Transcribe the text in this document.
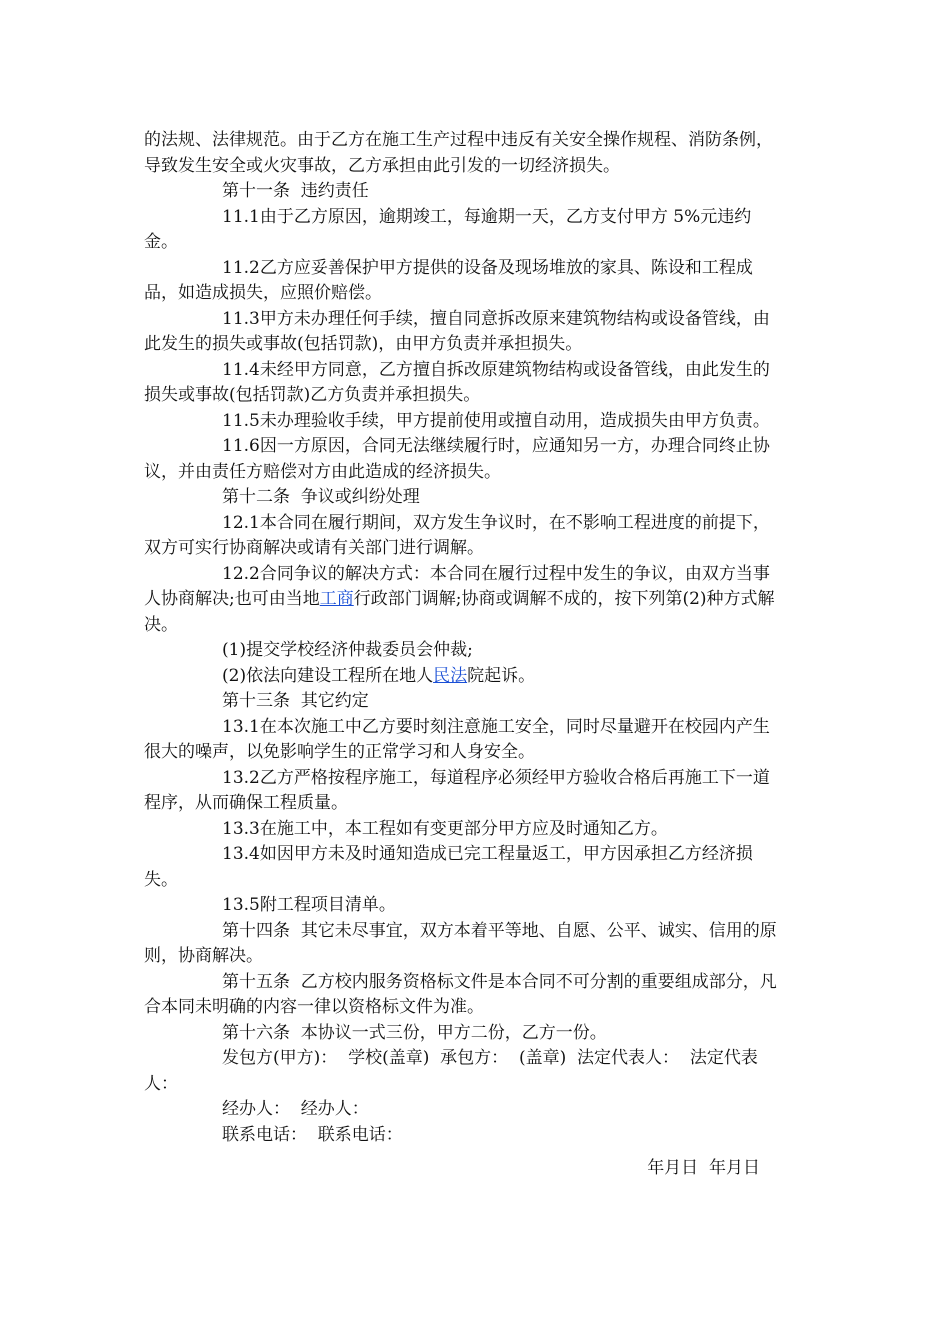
的法规、法律规范。由于乙方在施工生产过程中违反有关安全操作规程、消防条例，导致发生安全或火灾事故，乙方承担由此引发的一切经济损失。

第十一条  违约责任

11.1由于乙方原因，逾期竣工，每逾期一天，乙方支付甲方 5%元违约金。

11.2乙方应妥善保护甲方提供的设备及现场堆放的家具、陈设和工程成品，如造成损失，应照价赔偿。

11.3甲方未办理任何手续，擅自同意拆改原来建筑物结构或设备管线，由此发生的损失或事故(包括罚款)，由甲方负责并承担损失。

11.4未经甲方同意，乙方擅自拆改原建筑物结构或设备管线，由此发生的损失或事故(包括罚款)乙方负责并承担损失。

11.5未办理验收手续，甲方提前使用或擅自动用，造成损失由甲方负责。

11.6因一方原因，合同无法继续履行时，应通知另一方，办理合同终止协议，并由责任方赔偿对方由此造成的经济损失。

第十二条  争议或纠纷处理

12.1本合同在履行期间，双方发生争议时，在不影响工程进度的前提下，双方可实行协商解决或请有关部门进行调解。

12.2合同争议的解决方式：本合同在履行过程中发生的争议，由双方当事人协商解决;也可由当地工商行政部门调解;协商或调解不成的，按下列第(2)种方式解决。

(1)提交学校经济仲裁委员会仲裁;

(2)依法向建设工程所在地人民法院起诉。

第十三条  其它约定

13.1在本次施工中乙方要时刻注意施工安全，同时尽量避开在校园内产生很大的噪声，以免影响学生的正常学习和人身安全。

13.2乙方严格按程序施工，每道程序必须经甲方验收合格后再施工下一道程序，从而确保工程质量。

13.3在施工中，本工程如有变更部分甲方应及时通知乙方。

13.4如因甲方未及时通知造成已完工程量返工，甲方因承担乙方经济损失。

13.5附工程项目清单。

第十四条  其它未尽事宜，双方本着平等地、自愿、公平、诚实、信用的原则，协商解决。

第十五条  乙方校内服务资格标文件是本合同不可分割的重要组成部分，凡合本同未明确的内容一律以资格标文件为准。

第十六条  本协议一式三份，甲方二份，乙方一份。

发包方(甲方)：  学校(盖章)  承包方：  (盖章)  法定代表人：  法定代表人：

经办人：  经办人：

联系电话：  联系电话：

年月日  年月日
